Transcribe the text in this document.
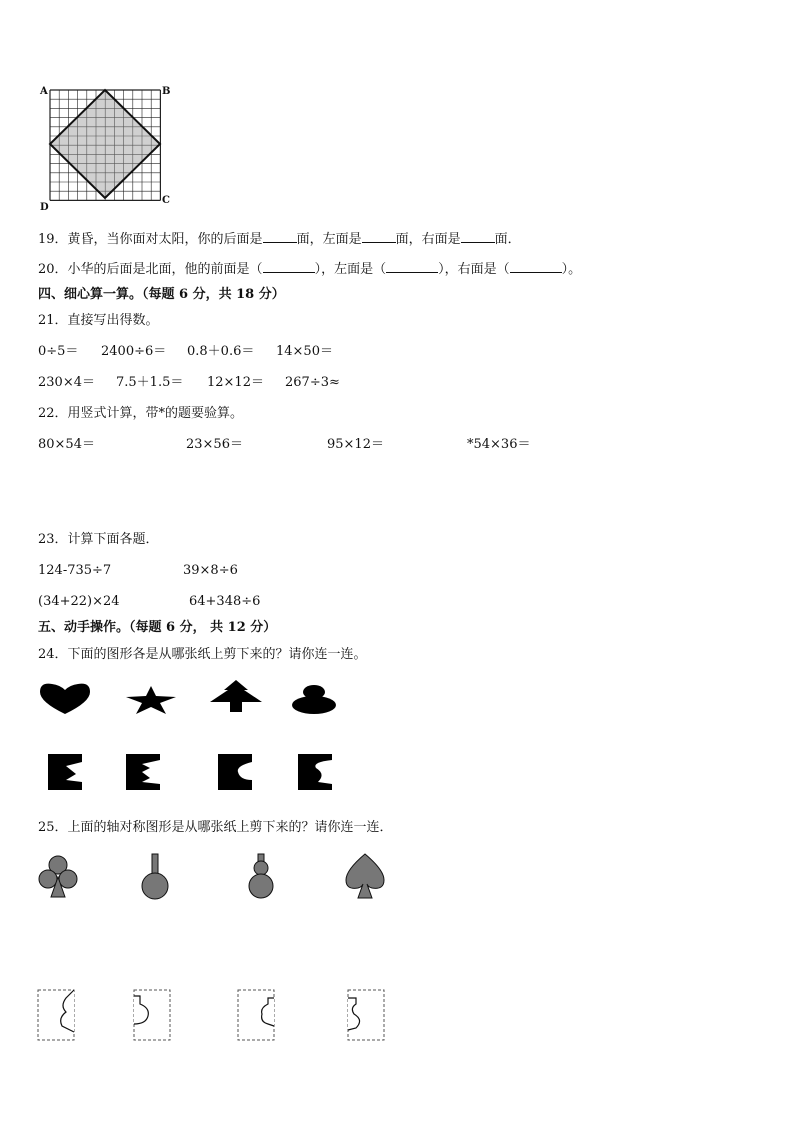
A	B
C
D
19．黄昏，当你面对太阳，你的后面是	面，左面是	面，右面是	面．
20．小华的后面是北面，他的前面是（	），左面是（	），右面是（	）。
四、细心算一算。（每题 6 分，共 18 分）
21．直接写出得数。
0÷5＝ 2400÷6＝ 0.8＋0.6＝ 14×50＝
230×4＝ 7.5＋1.5＝ 12×12＝ 267÷3≈
22．用竖式计算，带*的题要验算。
80×54＝	23×56＝	95×12＝	*54×36＝
23．计算下面各题．
124-735÷7	39×8÷6
(34+22)×24	64+348÷6
五、动手操作。（每题 6 分， 共 12 分）
24．下面的图形各是从哪张纸上剪下来的？请你连一连。
25．上面的轴对称图形是从哪张纸上剪下来的？请你连一连．
